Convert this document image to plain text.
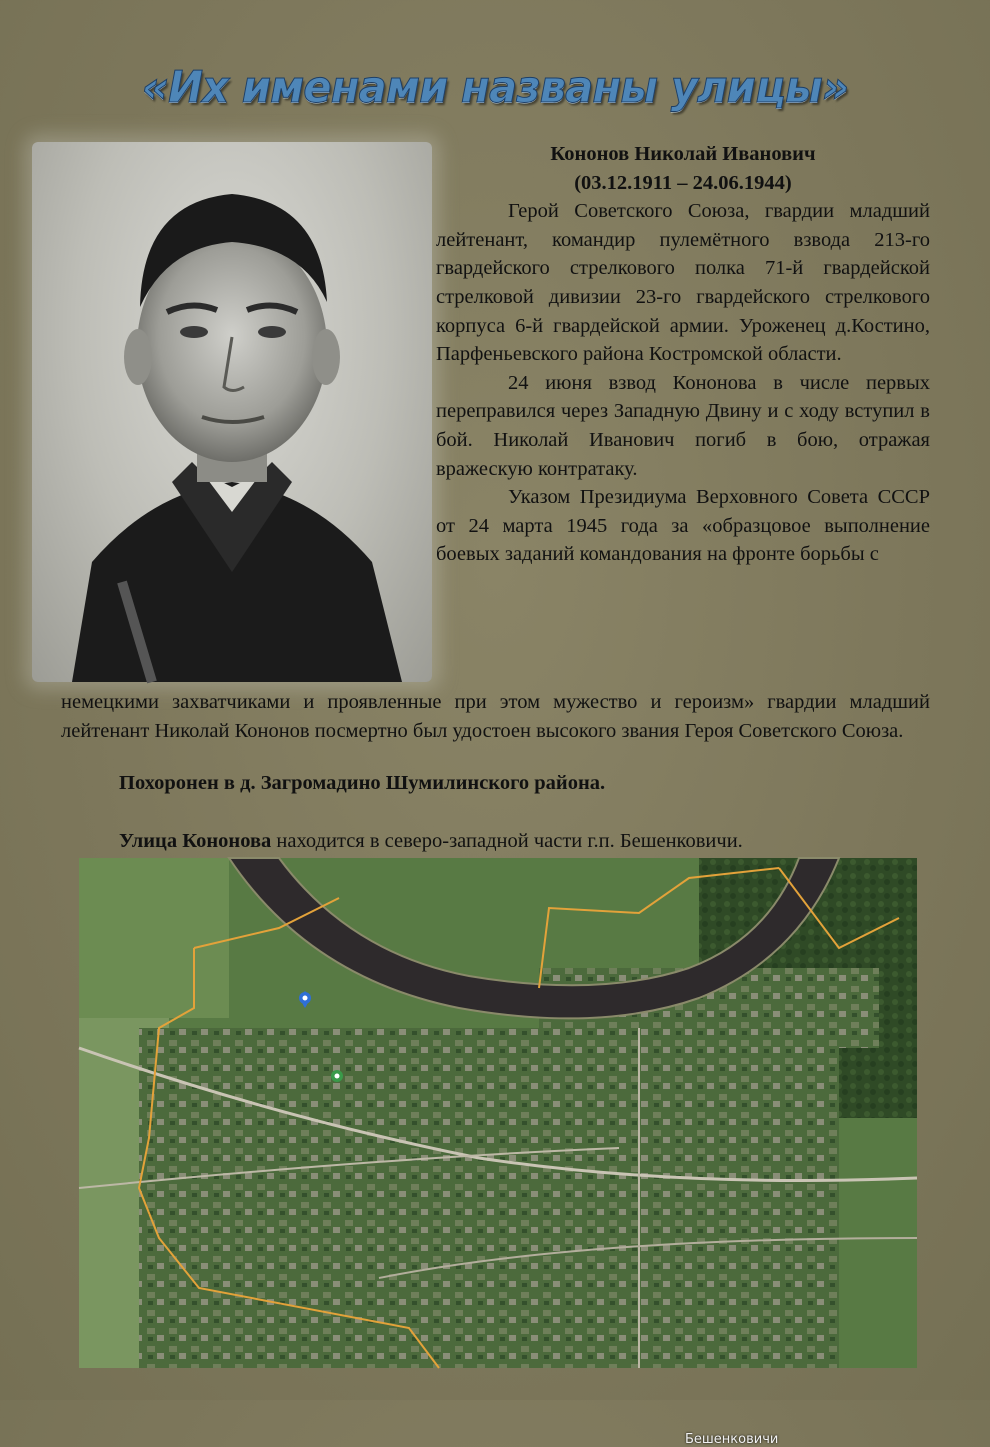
«Их именами названы улицы»

Кононов Николай Иванович

(03.12.1911 – 24.06.1944)

Герой Советского Союза, гвардии младший лейтенант, командир пулемётного взвода 213-го гвардейского стрелкового полка 71-й гвардейской стрелковой дивизии 23-го гвардейского стрелкового корпуса 6-й гвардейской армии. Уроженец д.Костино, Парфеньевского района Костромской области.

24 июня взвод Кононова в числе первых переправился через Западную Двину и с ходу вступил в бой. Николай Иванович погиб в бою, отражая вражескую контратаку.

Указом Президиума Верховного Совета СССР от 24 марта 1945 года за «образцовое выполнение боевых заданий командования на фронте борьбы с

немецкими захватчиками и проявленные при этом мужество и героизм» гвардии младший лейтенант Николай Кононов посмертно был удостоен высокого звания Героя Советского Союза.
Похоронен в д. Загромадино Шумилинского района.
Улица Кононова находится в северо-западной части г.п. Бешенковичи.
Бешенковичи
